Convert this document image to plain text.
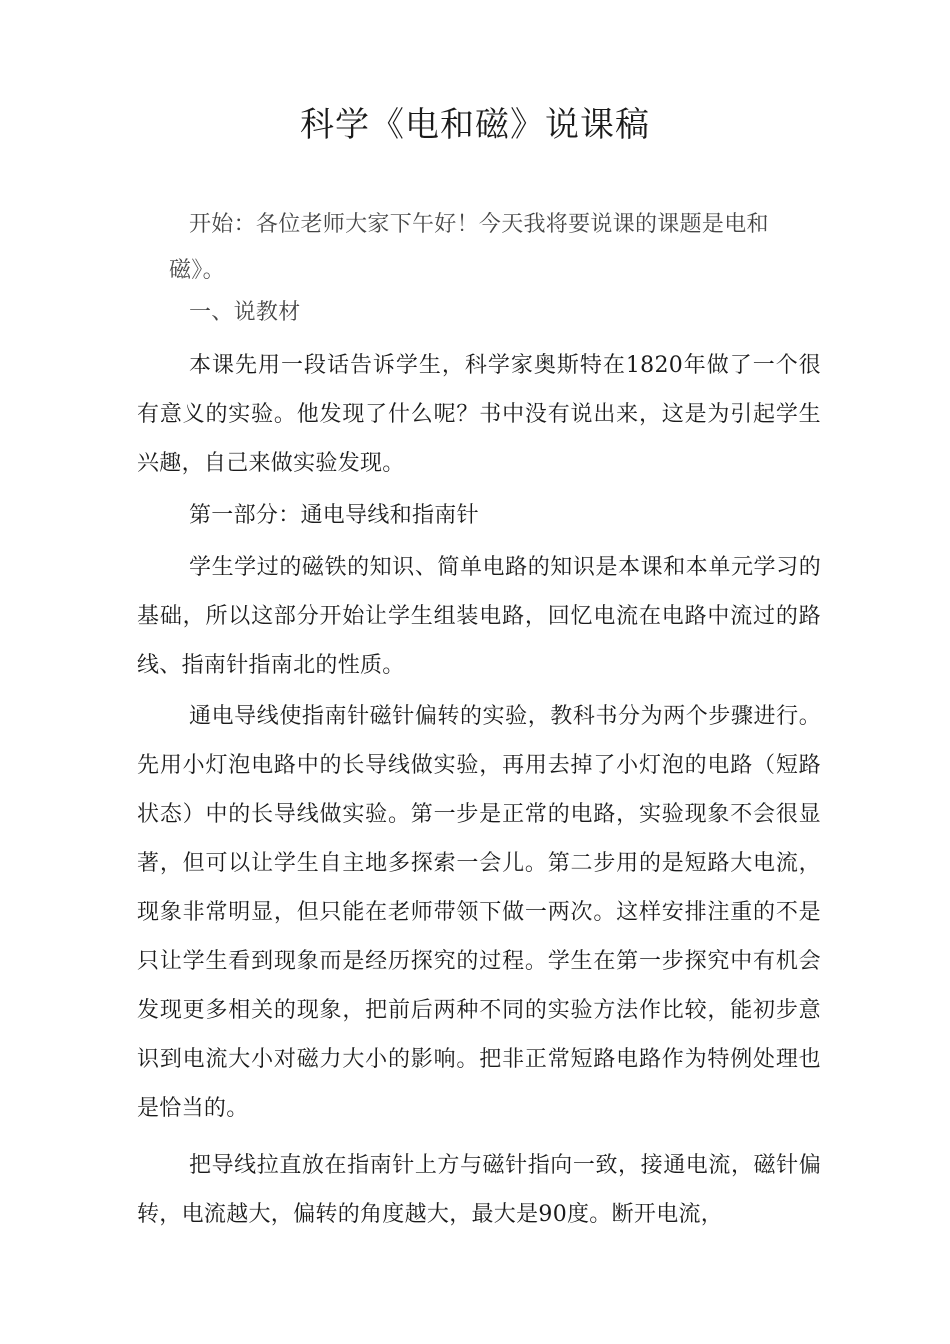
科学《电和磁》说课稿
开始：各位老师大家下午好！今天我将要说课的课题是电和
磁》。

一、说教材

本课先用一段话告诉学生，科学家奥斯特在1820年做了一个很有意义的实验。他发现了什么呢？书中没有说出来，这是为引起学生兴趣，自己来做实验发现。

第一部分：通电导线和指南针

学生学过的磁铁的知识、简单电路的知识是本课和本单元学习的基础，所以这部分开始让学生组装电路，回忆电流在电路中流过的路线、指南针指南北的性质。

通电导线使指南针磁针偏转的实验，教科书分为两个步骤进行。先用小灯泡电路中的长导线做实验，再用去掉了小灯泡的电路（短路状态）中的长导线做实验。第一步是正常的电路，实验现象不会很显著，但可以让学生自主地多探索一会儿。第二步用的是短路大电流，现象非常明显，但只能在老师带领下做一两次。这样安排注重的不是只让学生看到现象而是经历探究的过程。学生在第一步探究中有机会发现更多相关的现象，把前后两种不同的实验方法作比较，能初步意识到电流大小对磁力大小的影响。把非正常短路电路作为特例处理也是恰当的。

把导线拉直放在指南针上方与磁针指向一致，接通电流，磁针偏转，电流越大，偏转的角度越大，最大是90度。断开电流，
